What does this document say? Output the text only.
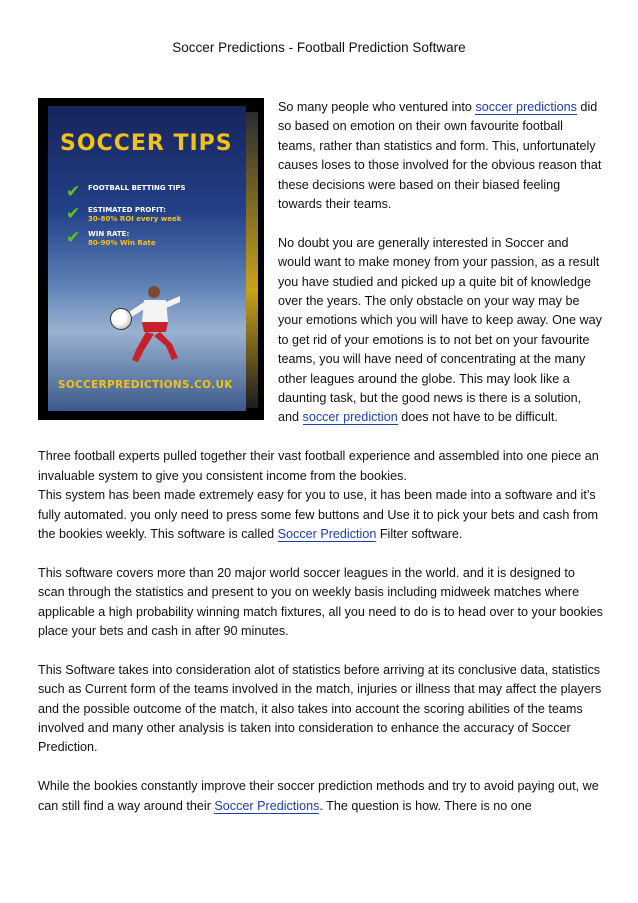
Soccer Predictions - Football Prediction Software
SOCCER TIPS
✔ FOOTBALL BETTING TIPS
✔ ESTIMATED PROFIT:
30-80% ROI every week
✔ WIN RATE:
80-90% Win Rate
SOCCERPREDICTIONS.CO.UK

So many people who ventured into soccer predictions did so based on emotion on their own favourite football teams, rather than statistics and form. This, unfortunately causes loses to those involved for the obvious reason that these decisions were based on their biased feeling towards their teams.

No doubt you are generally interested in Soccer and would want to make money from your passion, as a result you have studied and picked up a quite bit of knowledge over the years. The only obstacle on your way may be your emotions which you will have to keep away. One way to get rid of your emotions is to not bet on your favourite teams, you will have need of concentrating at the many other leagues around the globe. This may look like a daunting task, but the good news is there is a solution, and soccer prediction does not have to be difficult.

Three football experts pulled together their vast football experience and assembled into one piece an invaluable system to give you consistent income from the bookies.
This system has been made extremely easy for you to use, it has been made into a software and it’s fully automated. you only need to press some few buttons and Use it to pick your bets and cash from the bookies weekly. This software is called Soccer Prediction Filter software.

This software covers more than 20 major world soccer leagues in the world. and it is designed to scan through the statistics and present to you on weekly basis including midweek matches where applicable a high probability winning match fixtures, all you need to do is to head over to your bookies place your bets and cash in after 90 minutes.

This Software takes into consideration alot of statistics before arriving at its conclusive data, statistics such as Current form of the teams involved in the match, injuries or illness that may affect the players and the possible outcome of the match, it also takes into account the scoring abilities of the teams involved and many other analysis is taken into consideration to enhance the accuracy of Soccer Prediction.

While the bookies constantly improve their soccer prediction methods and try to avoid paying out, we can still find a way around their Soccer Predictions. The question is how. There is no one
